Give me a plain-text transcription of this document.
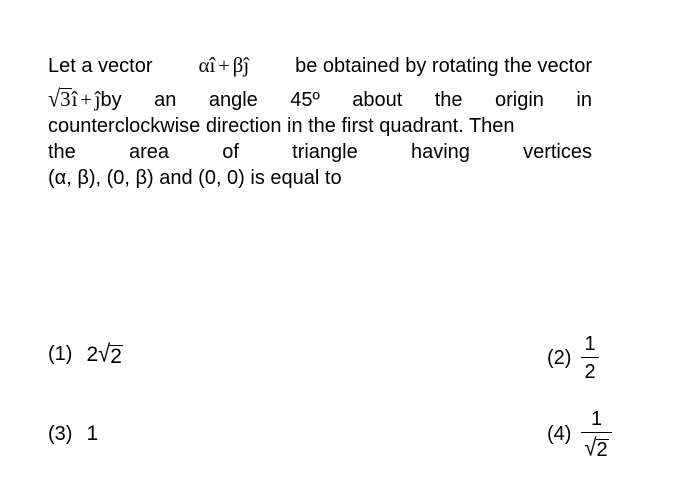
Let a vector α î + β ĵ be obtained by rotating the vector
√ 3 î + ĵ by an angle 45º about the origin in
counterclockwise direction in the first quadrant. Then
the	area	of	triangle	having	vertices
(α, β), (0, β) and (0, 0) is equal to
(1) 2 √ 2	$(2) \frac{1}{2}$
(3) 1	$(4) \frac{1}{√ 2}$
